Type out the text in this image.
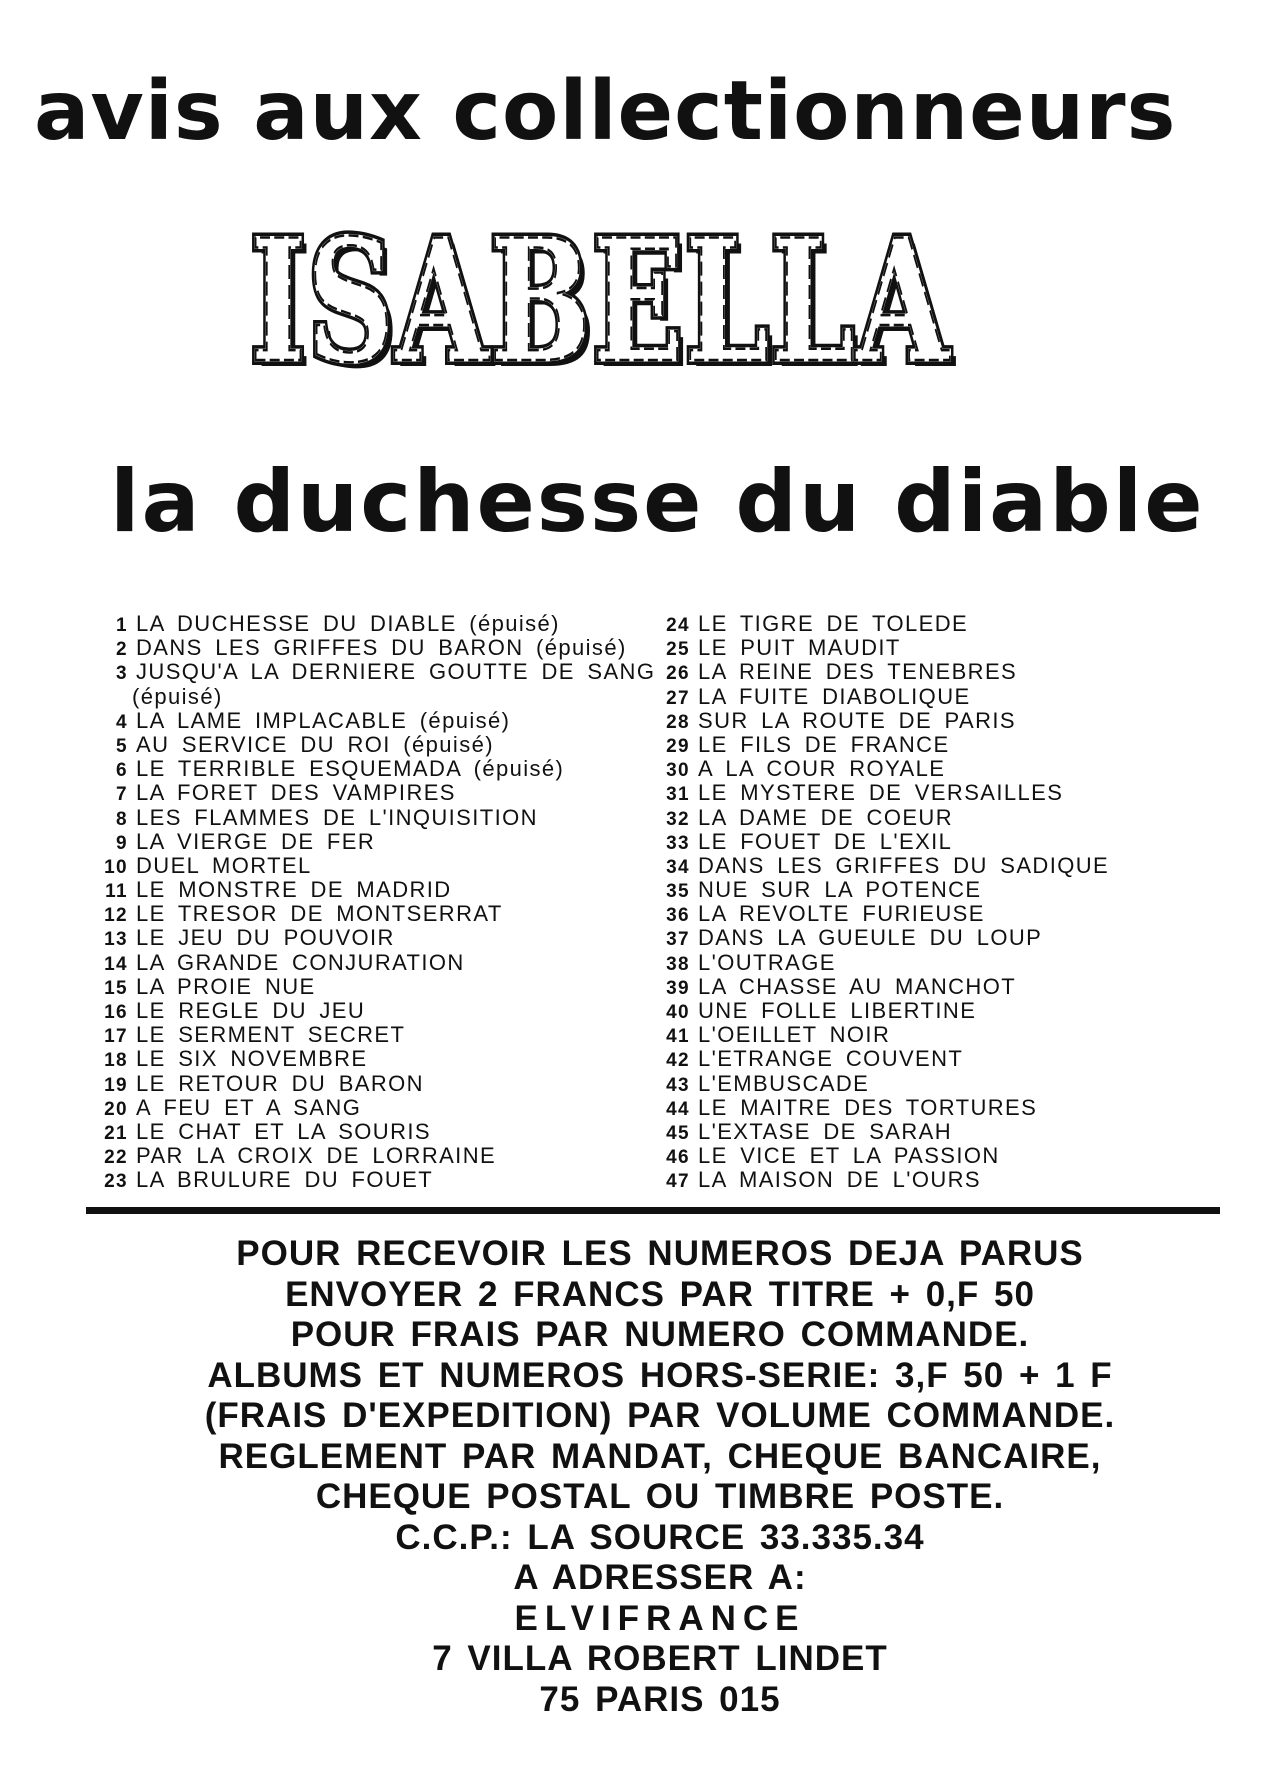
avis aux collectionneurs
ISABELLA
ISABELLA
ISABELLA
ISABELLA
la duchesse du diable
1 LA DUCHESSE DU DIABLE (épuisé)
2 DANS LES GRIFFES DU BARON (épuisé)
3 JUSQU'A LA DERNIERE GOUTTE DE SANG
(épuisé)
4 LA LAME IMPLACABLE (épuisé)
5 AU SERVICE DU ROI (épuisé)
6 LE TERRIBLE ESQUEMADA (épuisé)
7 LA FORET DES VAMPIRES
8 LES FLAMMES DE L'INQUISITION
9 LA VIERGE DE FER
10 DUEL MORTEL
11 LE MONSTRE DE MADRID
12 LE TRESOR DE MONTSERRAT
13 LE JEU DU POUVOIR
14 LA GRANDE CONJURATION
15 LA PROIE NUE
16 LE REGLE DU JEU
17 LE SERMENT SECRET
18 LE SIX NOVEMBRE
19 LE RETOUR DU BARON
20 A FEU ET A SANG
21 LE CHAT ET LA SOURIS
22 PAR LA CROIX DE LORRAINE
23 LA BRULURE DU FOUET
24 LE TIGRE DE TOLEDE
25 LE PUIT MAUDIT
26 LA REINE DES TENEBRES
27 LA FUITE DIABOLIQUE
28 SUR LA ROUTE DE PARIS
29 LE FILS DE FRANCE
30 A LA COUR ROYALE
31 LE MYSTERE DE VERSAILLES
32 LA DAME DE COEUR
33 LE FOUET DE L'EXIL
34 DANS LES GRIFFES DU SADIQUE
35 NUE SUR LA POTENCE
36 LA REVOLTE FURIEUSE
37 DANS LA GUEULE DU LOUP
38 L'OUTRAGE
39 LA CHASSE AU MANCHOT
40 UNE FOLLE LIBERTINE
41 L'OEILLET NOIR
42 L'ETRANGE COUVENT
43 L'EMBUSCADE
44 LE MAITRE DES TORTURES
45 L'EXTASE DE SARAH
46 LE VICE ET LA PASSION
47 LA MAISON DE L'OURS
POUR RECEVOIR LES NUMEROS DEJA PARUS
ENVOYER 2 FRANCS PAR TITRE + 0,F 50
POUR FRAIS PAR NUMERO COMMANDE.
ALBUMS ET NUMEROS HORS-SERIE: 3,F 50 + 1 F
(FRAIS D'EXPEDITION) PAR VOLUME COMMANDE.
REGLEMENT PAR MANDAT, CHEQUE BANCAIRE,
CHEQUE POSTAL OU TIMBRE POSTE.
C.C.P.: LA SOURCE 33.335.34
A ADRESSER A:
ELVIFRANCE
7 VILLA ROBERT LINDET
75 PARIS 015
